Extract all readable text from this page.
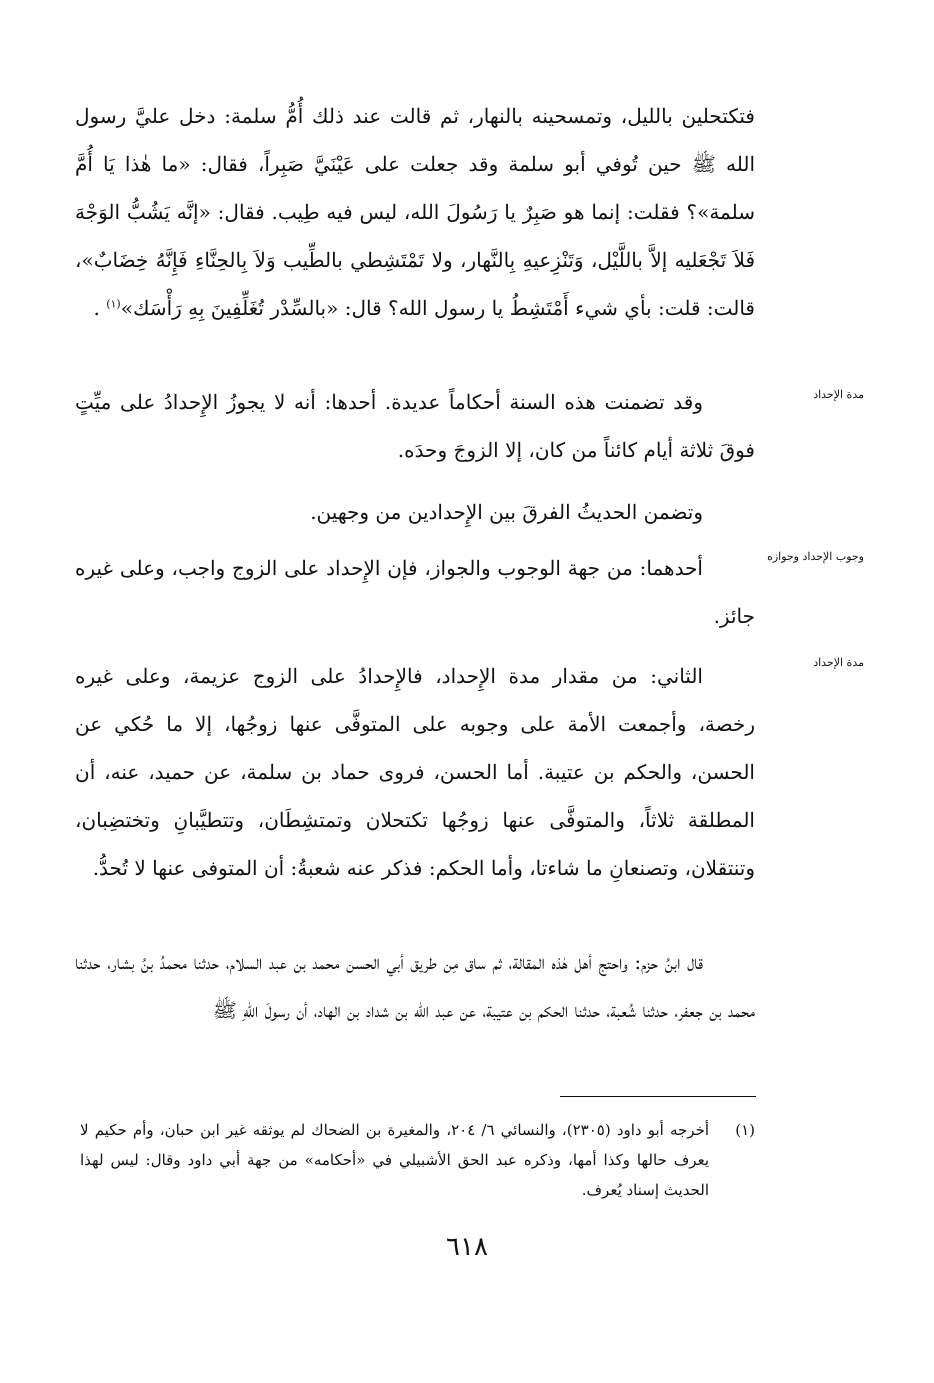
فتكتحلين بالليل، وتمسحينه بالنهار، ثم قالت عند ذلك أُمُّ سلمة: دخل عليَّ رسول الله ﷺ حين تُوفي أبو سلمة وقد جعلت على عَيْنَيَّ صَبِراً، فقال: «ما هٰذا يَا أُمَّ سلمة»؟ فقلت: إنما هو صَبِرٌ يا رَسُولَ الله، ليس فيه طِيب. فقال: «إنَّه يَشُبُّ الوَجْهَ فَلاَ تَجْعَليه إلاَّ باللَّيْل، وَتَنْزِعيهِ بِالنَّهار، ولا تَمْتَشِطي بالطِّيب وَلاَ بِالحِنَّاءِ فَإِنَّهُ خِضَابٌ»، قالت: قلت: بأي شيء أَمْتَشِطُ يا رسول الله؟ قال: «بالسِّدْر تُغَلِّفِينَ بِهِ رَأْسَك»$^{(١)}$ .

مدة الإحداد

وقد تضمنت هذه السنة أحكاماً عديدة. أحدها: أنه لا يجوزُ الإِحدادُ على ميِّتٍ فوقَ ثلاثة أيام كائناً من كان، إلا الزوجَ وحدَه.

وتضمن الحديثُ الفرقَ بين الإِحدادين من وجهين.

وجوب الإحداد وجوازه

أحدهما: من جهة الوجوب والجواز، فإن الإِحداد على الزوج واجب، وعلى غيره جائز.

مدة الإحداد

الثاني: من مقدار مدة الإِحداد، فالإِحدادُ على الزوج عزيمة، وعلى غيره رخصة، وأجمعت الأمة على وجوبه على المتوفَّى عنها زوجُها، إلا ما حُكي عن الحسن، والحكم بن عتيبة. أما الحسن، فروى حماد بن سلمة، عن حميد، عنه، أن المطلقة ثلاثاً، والمتوفَّى عنها زوجُها تكتحلان وتمتشِطَان، وتتطيَّبانِ وتختضِبان، وتنتقلان، وتصنعانِ ما شاءتا، وأما الحكم: فذكر عنه شعبةُ: أن المتوفى عنها لا تُحدُّ.

قال ابنُ حزم: واحتج أهل هٰذه المقالة، ثم ساق مِن طريق أبي الحسن محمد بن عبد السلام، حدثنا محمدُ بنُ بشار، حدثنا محمد بن جعفر، حدثنا شُعبة، حدثنا الحكم بن عتيبة، عن عبد الله بن شداد بن الهاد، أن رسولَ اللهِ ﷺ

(١)
أخرجه أبو داود (٢٣٠٥)، والنسائي ٦/ ٢٠٤، والمغيرة بن الضحاك لم يوثقه غير ابن حبان، وأم حكيم لا يعرف حالها وكذا أمها، وذكره عبد الحق الأشبيلي في «أحكامه» من جهة أبي داود وقال: ليس لهذا الحديث إسناد يُعرف.
٦١٨
